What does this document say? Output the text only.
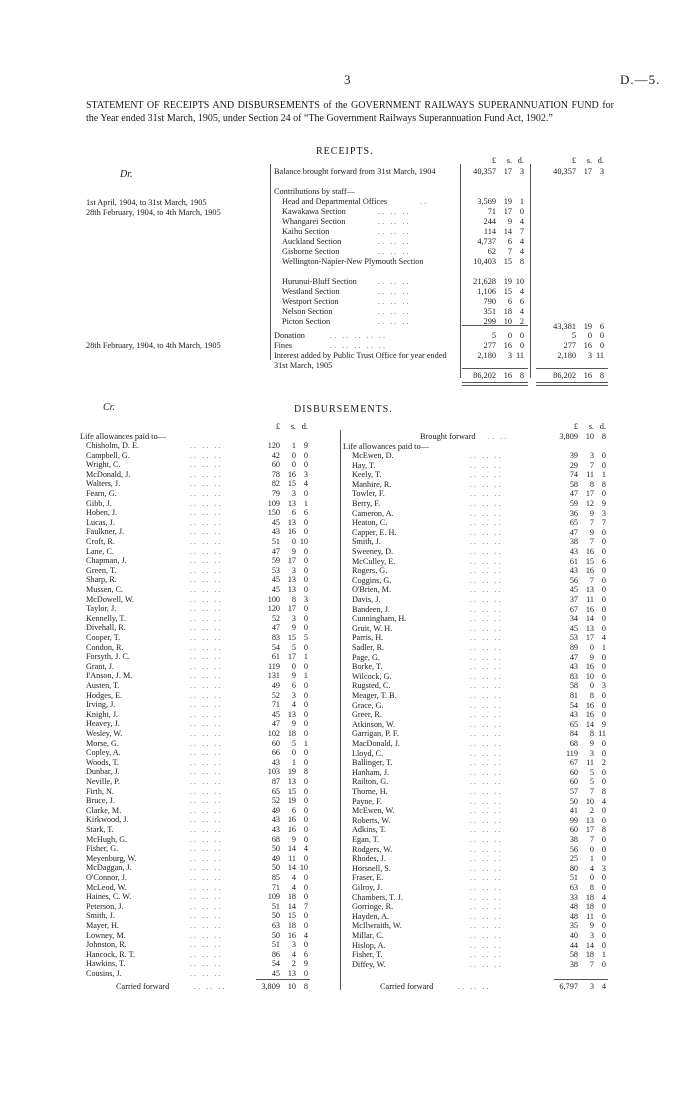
3	D.—5.
STATEMENT OF RECEIPTS AND DISBURSEMENTS of the GOVERNMENT RAILWAYS SUPERANNUATION FUND for the Year ended 31st March, 1905, under Section 24 of “The Government Railways Superannuation Fund Act, 1902.”
RECEIPTS.
Dr.
£	s. d.	£	s. d.
Balance brought forward from 31st March, 1904	40,357 17 3	40,357 17 3
Contributions by staff—
1st April, 1904, to 31st March, 1905
28th February, 1904, to 4th March, 1905
Head and Departmental Offices	..	3,569 19 1
Kawakawa Section	.. .. ..	71 17 0
Whangarei Section	.. .. ..	244	9 4
Kaihu Section	.. .. ..	114 14 7
Auckland Section	.. .. ..	4,737	6 4
Gisborne Section	.. .. ..	62	7 4
Wellington-Napier-New Plymouth Section	10,403 15 8
Hurunui-Bluff Section	.. .. ..	21,628 19 10
Westland Section	.. .. ..	1,106 15 4
Westport Section	.. .. ..	790	6 6
Nelson Section	.. .. ..	351 18 4
Picton Section	.. .. ..	299 10 2
43,381 19 6
Donation	.. .. .. .. ..	5	0 0	5	0 0
28th February, 1904, to 4th March, 1905	Fines	.. .. .. .. ..	277 16 0	277 16 0
Interest added by Public Trust Office for year ended 31st March, 1905
2,180	3 11	2,180	3 11
86,202 16 8	86,202 16 8
DISBURSEMENTS.
Cr.
£	s. d.	£	s. d.
Life allowances paid to—	Brought forward .. ..	3,809 10 8
Life allowances paid to—
Chisholm, D. E.	.. .. ..	120	1 9
Campbell, G.	.. .. ..	42	0 0
Wright, C.	.. .. ..	60	0 0
McDonald, J.	.. .. ..	78 16 3
Walters, J.	.. .. ..	82 15 4
Fearn, G.	.. .. ..	79	3 0
Gibb, J.	.. .. ..	109 13 1
Hoben, J.	.. .. ..	150	6 6
Lucas, J.	.. .. ..	45 13 0
Faulkner, J.	.. .. ..	43 16 0
Croft, R.	.. .. ..	51	0 10
Lane, C.	.. .. ..	47	9 0
Chapman, J.	.. .. ..	59 17 0
Green, T.	.. .. ..	53	3 0
Sharp, R.	.. .. ..	45 13 0
Mussen, C.	.. .. ..	45 13 0
McDowell, W.	.. .. ..	100	8 3
Taylor, J.	.. .. ..	120 17 0
Kennelly, T.	.. .. ..	52	3 0
Divehall, R.	.. .. ..	47	9 0
Cooper, T.	.. .. ..	83 15 5
Condon, R.	.. .. ..	54	5 0
Forsyth, J. C.	.. .. ..	61 17 1
Grant, J.	.. .. ..	119	0 0
I'Anson, J. M.	.. .. ..	131	9 1
Austen, T.	.. .. ..	49	6 0
Hodges, E.	.. .. ..	52	3 0
Irving, J.	.. .. ..	71	4 0
Knight, J.	.. .. ..	45 13 0
Heavey, J.	.. .. ..	47	9 0
Wesley, W.	.. .. ..	102 18 0
Morse, G.	.. .. ..	60	5 1
Copley, A.	.. .. ..	66	0 0
Woods, T.	.. .. ..	43	1 0
Dunbar, J.	.. .. ..	103 19 8
Neville, P.	.. .. ..	87 13 0
Firth, N.	.. .. ..	65 15 0
Bruce, J.	.. .. ..	52 19 0
Clarke, M.	.. .. ..	49	6 0
Kirkwood, J.	.. .. ..	43 16 0
Stark, T.	.. .. ..	43 16 0
McHugh, G.	.. .. ..	68	9 0
Fisher, G.	.. .. ..	50 14 4
Meyenburg, W.	.. .. ..	49 11 0
McDaggan, J.	.. .. ..	50 14 10
O'Connor, J.	.. .. ..	85	4 0
McLeod, W.	.. .. ..	71	4 0
Haines, C. W.	.. .. ..	109 18 0
Peterson, J.	.. .. ..	51 14 7
Smith, J.	.. .. ..	50 15 0
Mayer, H.	.. .. ..	63 18 0
Lowney, M.	.. .. ..	50 16 4
Johnston, R.	.. .. ..	51	3 0
Hancock, R. T.	.. .. ..	86	4 6
Hawkins, T.	.. .. ..	54	2 9
Cousins, J.	.. .. ..	45 13 0
McEwen, D.	.. .. ..	39	3 0
Hay, T.	.. .. ..	29	7 0
Keely, T.	.. .. ..	74 11 1
Manhire, R.	.. .. ..	58	8 8
Towler, F.	.. .. ..	47 17 0
Berry, F.	.. .. ..	59 12 9
Cameron, A.	.. .. ..	36	9 3
Heaton, C.	.. .. ..	65	7 7
Capper, E. H.	.. .. ..	47	9 0
Smith, J.	.. .. ..	38	7 0
Sweeney, D.	.. .. ..	43 16 0
McCulley, E.	.. .. ..	61 15 6
Rogers, G.	.. .. ..	43 16 0
Coggins, G.	.. .. ..	56	7 0
O'Brien, M.	.. .. ..	45 13 0
Davis, J.	.. .. ..	37 11 0
Bandeen, J.	.. .. ..	67 16 0
Cunningham, H.	.. .. ..	34 14 0
Gruit, W. H.	.. .. ..	45 13 0
Parris, H.	.. .. ..	53 17 4
Sadler, R.	.. .. ..	89	0 1
Page, G.	.. .. ..	47	9 0
Borke, T.	.. .. ..	43 16 0
Wilcock, G.	.. .. ..	83 10 0
Rugsted, C.	.. .. ..	58	0 3
Meager, T. B.	.. .. ..	81	8 0
Grace, G.	.. .. ..	54 16 0
Greer, R.	.. .. ..	43 16 0
Atkinson, W.	.. .. ..	65 14 9
Garrigan, P. F.	.. .. ..	84	8 11
MacDonald, J.	.. .. ..	68	9 0
Lloyd, C.	.. .. ..	119	3 0
Ballinger, T.	.. .. ..	67 11 2
Hanham, J.	.. .. ..	60	5 0
Railton, G.	.. .. ..	60	5 0
Thorne, H.	.. .. ..	57	7 8
Payne, F.	.. .. ..	50 10 4
McEwen, W.	.. .. ..	41	2 0
Roberts, W.	.. .. ..	99 13 0
Adkins, T.	.. .. ..	60 17 8
Egan, T.	.. .. ..	38	7 0
Rodgers, W.	.. .. ..	56	0 0
Rhodes, J.	.. .. ..	25	1 0
Horsnell, S.	.. .. ..	80	4 3
Fraser, E.	.. .. ..	51	0 0
Gilroy, J.	.. .. ..	63	8 0
Chambers, T. J.	.. .. ..	33 18 4
Gorringe, R.	.. .. ..	48 18 0
Hayden, A.	.. .. ..	48 11 0
McIlwraith, W.	.. .. ..	35	9 0
Millar, C.	.. .. ..	40	3 0
Hislop, A.	.. .. ..	44 14 0
Fisher, T.	.. .. ..	58 18 1
Diffey, W.	.. .. ..	38	7 0
Carried forward	.. .. ..	3,809 10 8	Carried forward	.. .. ..	6,797	3 4
